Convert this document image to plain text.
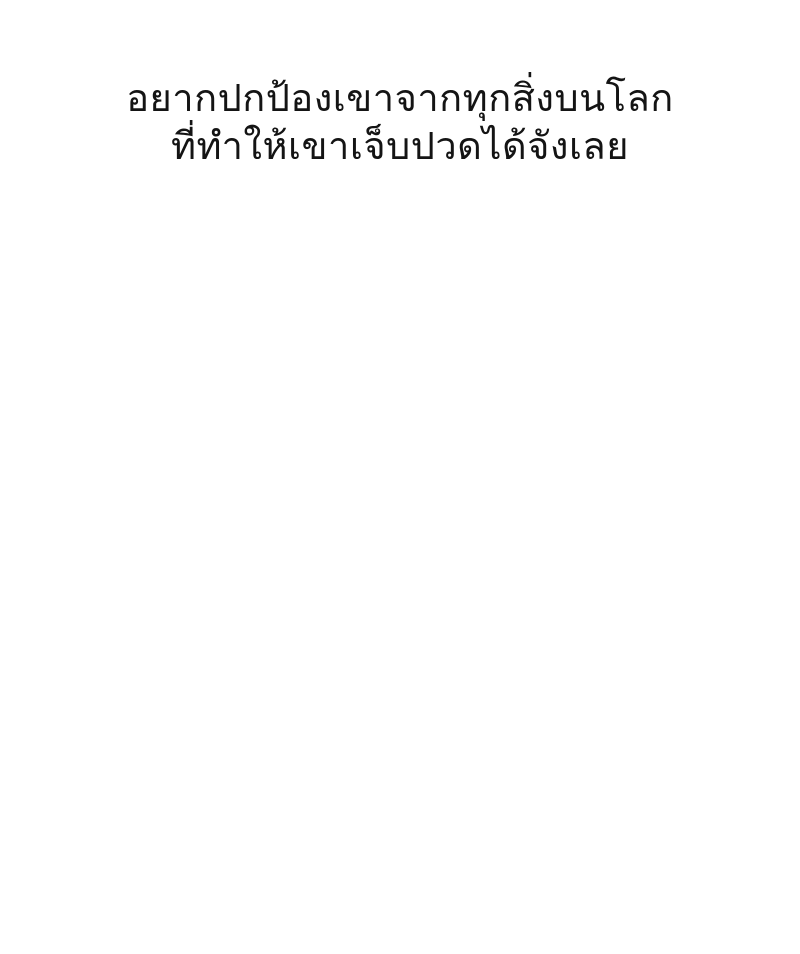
อยากปกป้องเขาจากทุกสิ่งบนโลก
ที่ทำให้เขาเจ็บปวดได้จังเลย
